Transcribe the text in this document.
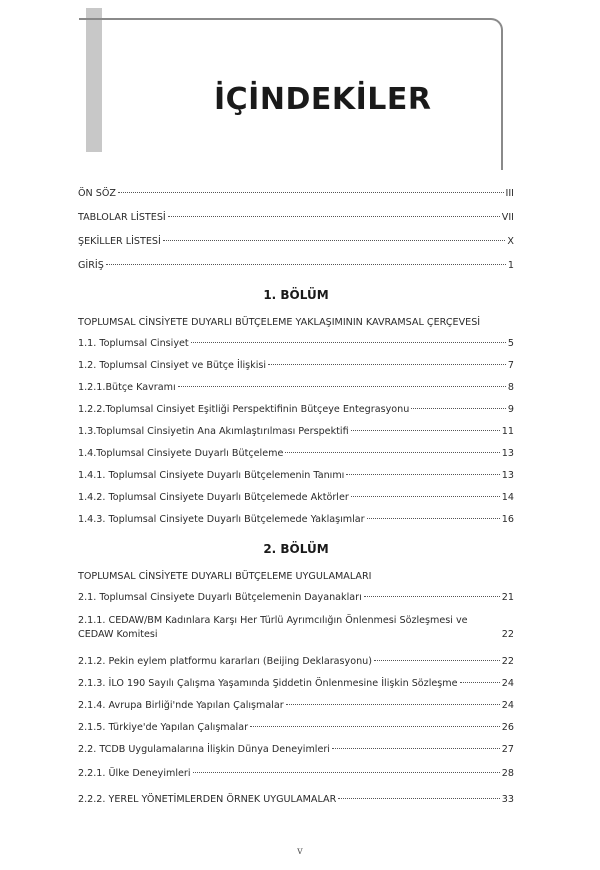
İÇİNDEKİLER
ÖN SÖZ	III
TABLOLAR LİSTESİ	VII
ŞEKİLLER LİSTESİ	X
GİRİŞ	1
1. BÖLÜM
TOPLUMSAL CİNSİYETE DUYARLI BÜTÇELEME YAKLAŞIMININ KAVRAMSAL ÇERÇEVESİ
1.1. Toplumsal Cinsiyet	5
1.2. Toplumsal Cinsiyet ve Bütçe İlişkisi	7
1.2.1.Bütçe Kavramı	8
1.2.2.Toplumsal Cinsiyet Eşitliği Perspektifinin Bütçeye Entegrasyonu	9
1.3.Toplumsal Cinsiyetin Ana Akımlaştırılması Perspektifi	11
1.4.Toplumsal Cinsiyete Duyarlı Bütçeleme	13
1.4.1. Toplumsal Cinsiyete Duyarlı Bütçelemenin Tanımı	13
1.4.2. Toplumsal Cinsiyete Duyarlı Bütçelemede Aktörler	14
1.4.3. Toplumsal Cinsiyete Duyarlı Bütçelemede Yaklaşımlar	16
2. BÖLÜM
TOPLUMSAL CİNSİYETE DUYARLI BÜTÇELEME UYGULAMALARI
2.1. Toplumsal Cinsiyete Duyarlı Bütçelemenin Dayanakları	21
2.1.1. CEDAW/BM Kadınlara Karşı Her Türlü Ayrımcılığın Önlenmesi Sözleşmesi ve
CEDAW Komitesi	22
2.1.2. Pekin eylem platformu kararları (Beijing Deklarasyonu)	22
2.1.3. İLO 190 Sayılı Çalışma Yaşamında Şiddetin Önlenmesine İlişkin Sözleşme	24
2.1.4. Avrupa Birliği'nde Yapılan Çalışmalar	24
2.1.5. Türkiye'de Yapılan Çalışmalar	26
2.2. TCDB Uygulamalarına İlişkin Dünya Deneyimleri	27
2.2.1. Ülke Deneyimleri	28
2.2.2. YEREL YÖNETİMLERDEN ÖRNEK UYGULAMALAR	33
v
